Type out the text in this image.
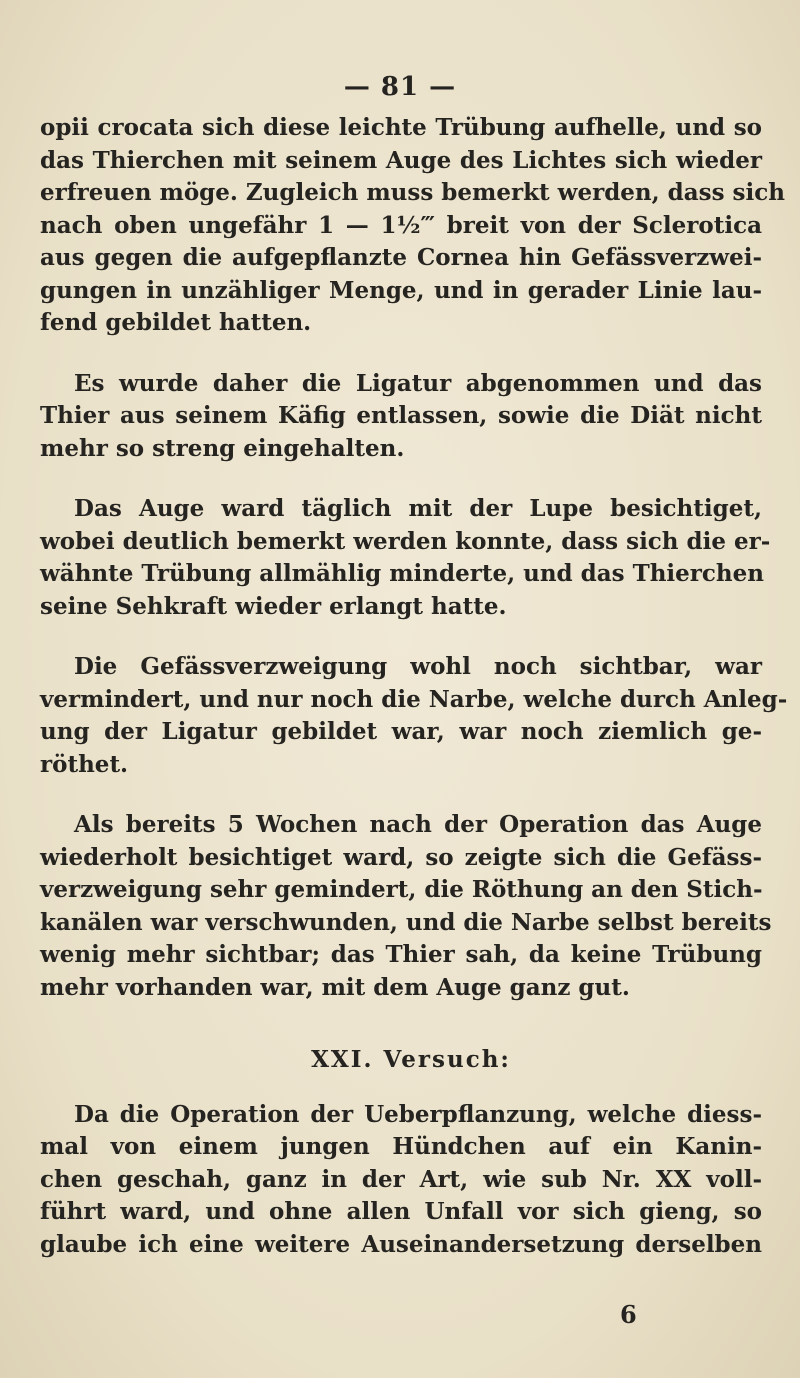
— 81 —
opii crocata sich diese leichte Trübung aufhelle, und so
das Thierchen mit seinem Auge des Lichtes sich wieder
erfreuen möge. Zugleich muss bemerkt werden, dass sich
nach oben ungefähr 1 — 1½‴ breit von der Sclerotica
aus gegen die aufgepflanzte Cornea hin Gefässverzwei-
gungen in unzähliger Menge, und in gerader Linie lau-
fend gebildet hatten.
Es wurde daher die Ligatur abgenommen und das
Thier aus seinem Käfig entlassen, sowie die Diät nicht
mehr so streng eingehalten.
Das Auge ward täglich mit der Lupe besichtiget,
wobei deutlich bemerkt werden konnte, dass sich die er-
wähnte Trübung allmählig minderte, und das Thierchen
seine Sehkraft wieder erlangt hatte.
Die Gefässverzweigung wohl noch sichtbar, war
vermindert, und nur noch die Narbe, welche durch Anleg-
ung der Ligatur gebildet war, war noch ziemlich ge-
röthet.
Als bereits 5 Wochen nach der Operation das Auge
wiederholt besichtiget ward, so zeigte sich die Gefäss-
verzweigung sehr gemindert, die Röthung an den Stich-
kanälen war verschwunden, und die Narbe selbst bereits
wenig mehr sichtbar; das Thier sah, da keine Trübung
mehr vorhanden war, mit dem Auge ganz gut.
XXI. Versuch:
Da die Operation der Ueberpflanzung, welche diess-
mal von einem jungen Hündchen auf ein Kanin-
chen geschah, ganz in der Art, wie sub Nr. XX voll-
führt ward, und ohne allen Unfall vor sich gieng, so
glaube ich eine weitere Auseinandersetzung derselben
6
